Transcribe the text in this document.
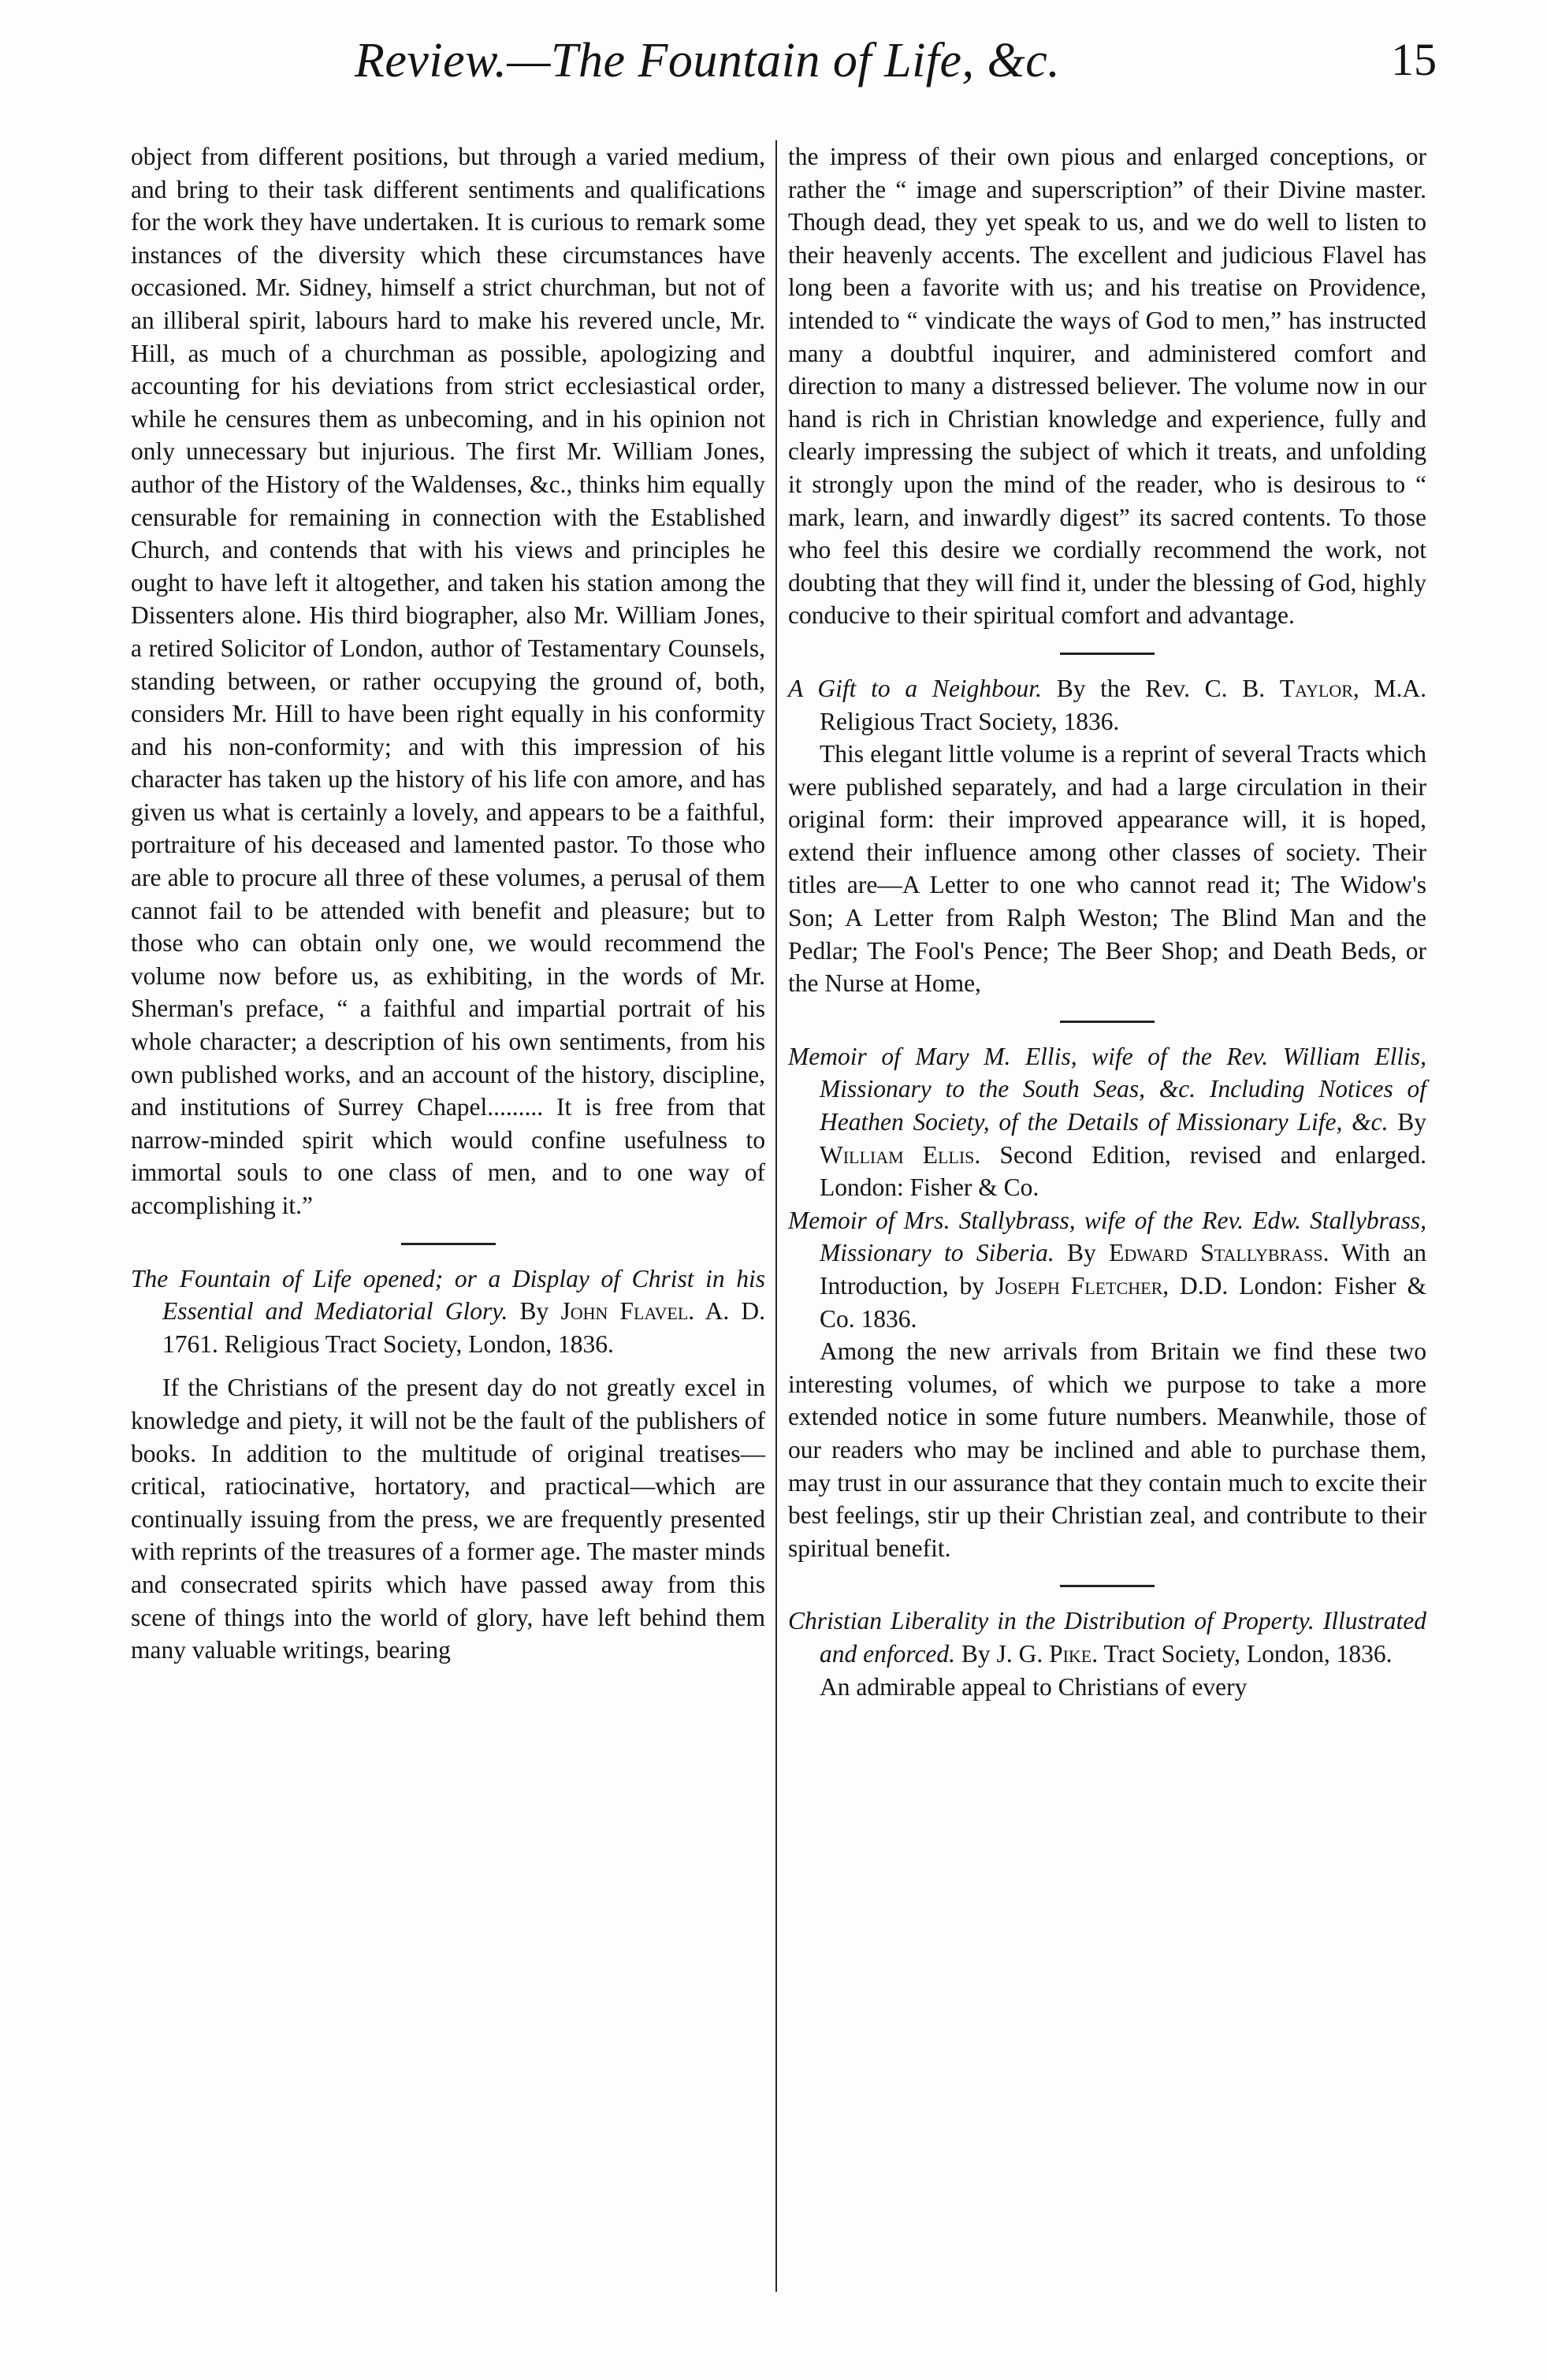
Review.—The Fountain of Life, &c.	15

object from different positions, but through a varied medium, and bring to their task different sentiments and qualifications for the work they have undertaken. It is curious to remark some instances of the diversity which these circumstances have occasioned. Mr. Sidney, himself a strict churchman, but not of an illiberal spirit, labours hard to make his revered uncle, Mr. Hill, as much of a churchman as possible, apologizing and accounting for his deviations from strict ecclesiastical order, while he censures them as unbecoming, and in his opinion not only unnecessary but injurious. The first Mr. William Jones, author of the History of the Waldenses, &c., thinks him equally censurable for remaining in connection with the Established Church, and contends that with his views and principles he ought to have left it altogether, and taken his station among the Dissenters alone. His third biographer, also Mr. William Jones, a retired Solicitor of London, author of Testamentary Counsels, standing between, or rather occupying the ground of, both, considers Mr. Hill to have been right equally in his conformity and his non-conformity; and with this impression of his character has taken up the history of his life con amore, and has given us what is certainly a lovely, and appears to be a faithful, portraiture of his deceased and lamented pastor. To those who are able to procure all three of these volumes, a perusal of them cannot fail to be attended with benefit and pleasure; but to those who can obtain only one, we would recommend the volume now before us, as exhibiting, in the words of Mr. Sherman's preface, “ a faithful and impartial portrait of his whole character; a description of his own sentiments, from his own published works, and an account of the history, discipline, and institutions of Surrey Chapel......... It is free from that narrow-minded spirit which would confine usefulness to immortal souls to one class of men, and to one way of accomplishing it.”

The Fountain of Life opened; or a Display of Christ in his Essential and Mediatorial Glory. By John Flavel. A. D. 1761. Religious Tract Society, London, 1836.

If the Christians of the present day do not greatly excel in knowledge and piety, it will not be the fault of the publishers of books. In addition to the multitude of original treatises—critical, ratiocinative, hortatory, and practical—which are continually issuing from the press, we are frequently presented with reprints of the treasures of a former age. The master minds and consecrated spirits which have passed away from this scene of things into the world of glory, have left behind them many valuable writings, bearing

the impress of their own pious and enlarged conceptions, or rather the “ image and superscription” of their Divine master. Though dead, they yet speak to us, and we do well to listen to their heavenly accents. The excellent and judicious Flavel has long been a favorite with us; and his treatise on Providence, intended to “ vindicate the ways of God to men,” has instructed many a doubtful inquirer, and administered comfort and direction to many a distressed believer. The volume now in our hand is rich in Christian knowledge and experience, fully and clearly impressing the subject of which it treats, and unfolding it strongly upon the mind of the reader, who is desirous to “ mark, learn, and inwardly digest” its sacred contents. To those who feel this desire we cordially recommend the work, not doubting that they will find it, under the blessing of God, highly conducive to their spiritual comfort and advantage.

A Gift to a Neighbour. By the Rev. C. B. Taylor, M.A. Religious Tract Society, 1836.

This elegant little volume is a reprint of several Tracts which were published separately, and had a large circulation in their original form: their improved appearance will, it is hoped, extend their influence among other classes of society. Their titles are—A Letter to one who cannot read it; The Widow's Son; A Letter from Ralph Weston; The Blind Man and the Pedlar; The Fool's Pence; The Beer Shop; and Death Beds, or the Nurse at Home,

Memoir of Mary M. Ellis, wife of the Rev. William Ellis, Missionary to the South Seas, &c. Including Notices of Heathen Society, of the Details of Missionary Life, &c. By William Ellis. Second Edition, revised and enlarged. London: Fisher & Co.

Memoir of Mrs. Stallybrass, wife of the Rev. Edw. Stallybrass, Missionary to Siberia. By Edward Stallybrass. With an Introduction, by Joseph Fletcher, D.D. London: Fisher & Co. 1836.

Among the new arrivals from Britain we find these two interesting volumes, of which we purpose to take a more extended notice in some future numbers. Meanwhile, those of our readers who may be inclined and able to purchase them, may trust in our assurance that they contain much to excite their best feelings, stir up their Christian zeal, and contribute to their spiritual benefit.

Christian Liberality in the Distribution of Property. Illustrated and enforced. By J. G. Pike. Tract Society, London, 1836.

An admirable appeal to Christians of every
